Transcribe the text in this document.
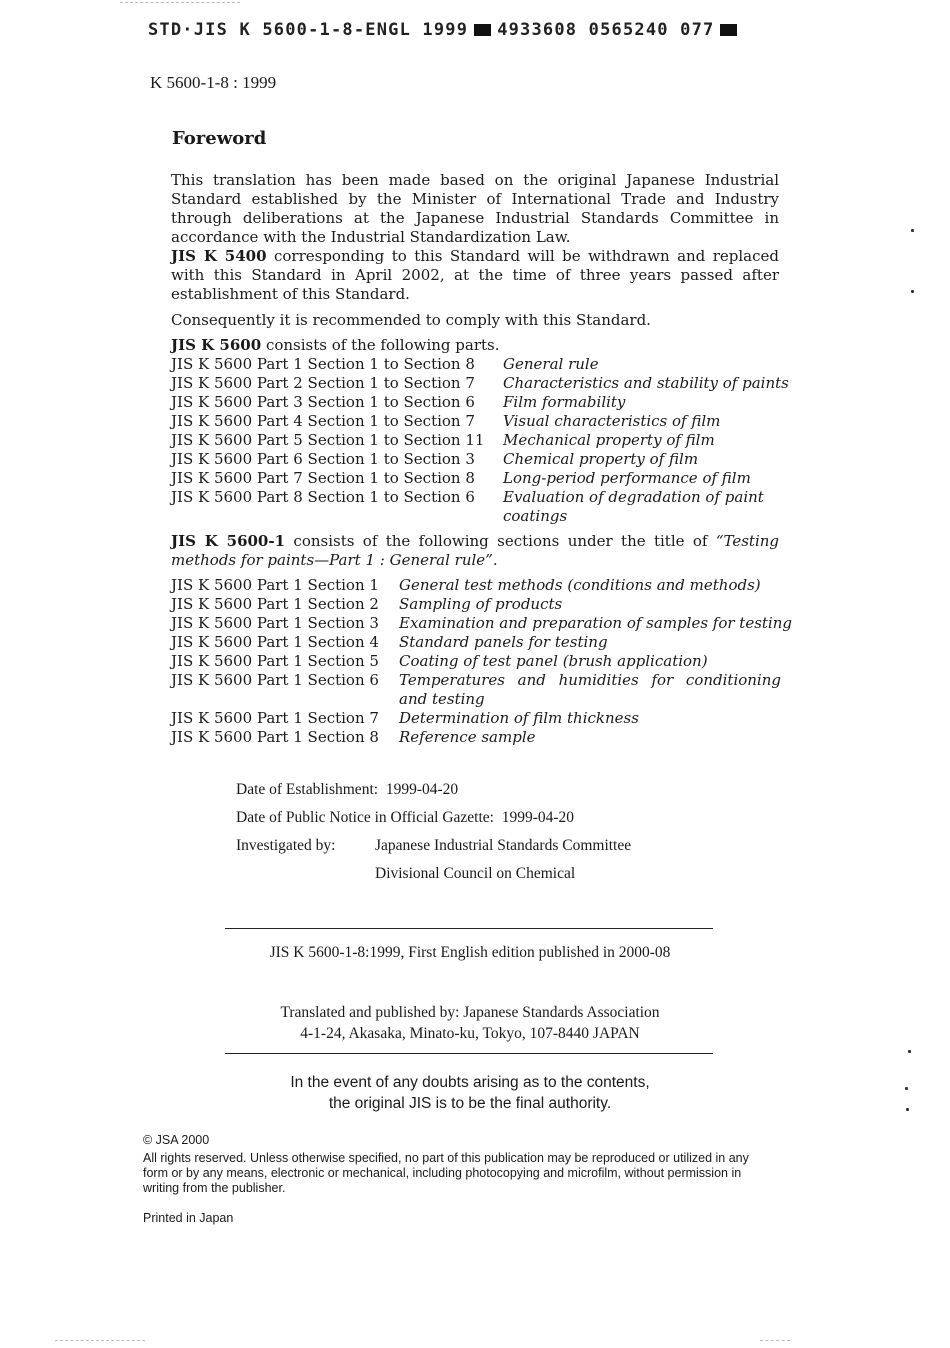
STD·JIS K 5600-1-8-ENGL 1999 4933608 0565240 077
K 5600-1-8 : 1999
Foreword
This translation has been made based on the original Japanese Industrial Standard established by the Minister of International Trade and Industry through deliberations at the Japanese Industrial Standards Committee in accordance with the Industrial Standardization Law.
JIS K 5400 corresponding to this Standard will be withdrawn and replaced with this Standard in April 2002, at the time of three years passed after establishment of this Standard.
Consequently it is recommended to comply with this Standard.
JIS K 5600 consists of the following parts.
JIS K 5600 Part 1 Section 1 to Section 8 General rule
JIS K 5600 Part 2 Section 1 to Section 7 Characteristics and stability of paints
JIS K 5600 Part 3 Section 1 to Section 6 Film formability
JIS K 5600 Part 4 Section 1 to Section 7 Visual characteristics of film
JIS K 5600 Part 5 Section 1 to Section 11 Mechanical property of film
JIS K 5600 Part 6 Section 1 to Section 3 Chemical property of film
JIS K 5600 Part 7 Section 1 to Section 8 Long-period performance of film
JIS K 5600 Part 8 Section 1 to Section 6 Evaluation of degradation of paint coatings
JIS K 5600-1 consists of the following sections under the title of “Testing methods for paints—Part 1 : General rule”.
JIS K 5600 Part 1 Section 1 General test methods (conditions and methods)
JIS K 5600 Part 1 Section 2 Sampling of products
JIS K 5600 Part 1 Section 3 Examination and preparation of samples for testing
JIS K 5600 Part 1 Section 4 Standard panels for testing
JIS K 5600 Part 1 Section 5 Coating of test panel (brush application)
JIS K 5600 Part 1 Section 6 Temperatures and humidities for conditioning and testing
JIS K 5600 Part 1 Section 7 Determination of film thickness
JIS K 5600 Part 1 Section 8 Reference sample
Date of Establishment: 1999-04-20
Date of Public Notice in Official Gazette: 1999-04-20
Investigated by:	Japanese Industrial Standards Committee
Divisional Council on Chemical
JIS K 5600-1-8:1999, First English edition published in 2000-08
Translated and published by: Japanese Standards Association
4-1-24, Akasaka, Minato-ku, Tokyo, 107-8440 JAPAN
In the event of any doubts arising as to the contents,
the original JIS is to be the final authority.
© JSA 2000
All rights reserved. Unless otherwise specified, no part of this publication may be reproduced or utilized in any form or by any means, electronic or mechanical, including photocopying and microfilm, without permission in writing from the publisher.
Printed in Japan
